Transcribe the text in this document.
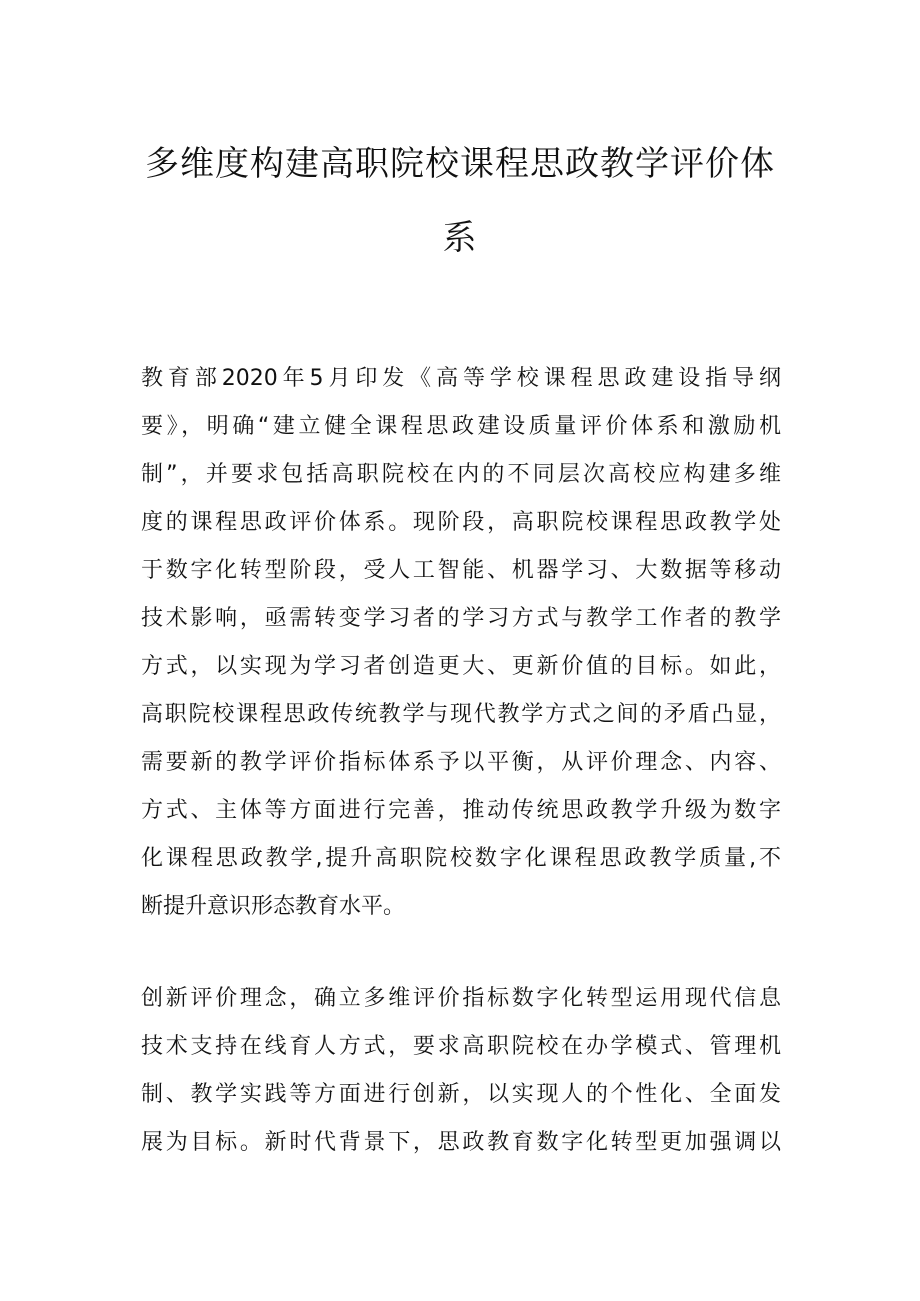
多维度构建高职院校课程思政教学评价体
系
教育部2020年5月印发《高等学校课程思政建设指导纲
要》，明确“建立健全课程思政建设质量评价体系和激励机
制”，并要求包括高职院校在内的不同层次高校应构建多维
度的课程思政评价体系。现阶段，高职院校课程思政教学处
于数字化转型阶段，受人工智能、机器学习、大数据等移动
技术影响，亟需转变学习者的学习方式与教学工作者的教学
方式，以实现为学习者创造更大、更新价值的目标。如此，
高职院校课程思政传统教学与现代教学方式之间的矛盾凸显，
需要新的教学评价指标体系予以平衡，从评价理念、内容、
方式、主体等方面进行完善，推动传统思政教学升级为数字
化课程思政教学,提升高职院校数字化课程思政教学质量,不
断提升意识形态教育水平。
创新评价理念，确立多维评价指标数字化转型运用现代信息
技术支持在线育人方式，要求高职院校在办学模式、管理机
制、教学实践等方面进行创新，以实现人的个性化、全面发
展为目标。新时代背景下，思政教育数字化转型更加强调以
